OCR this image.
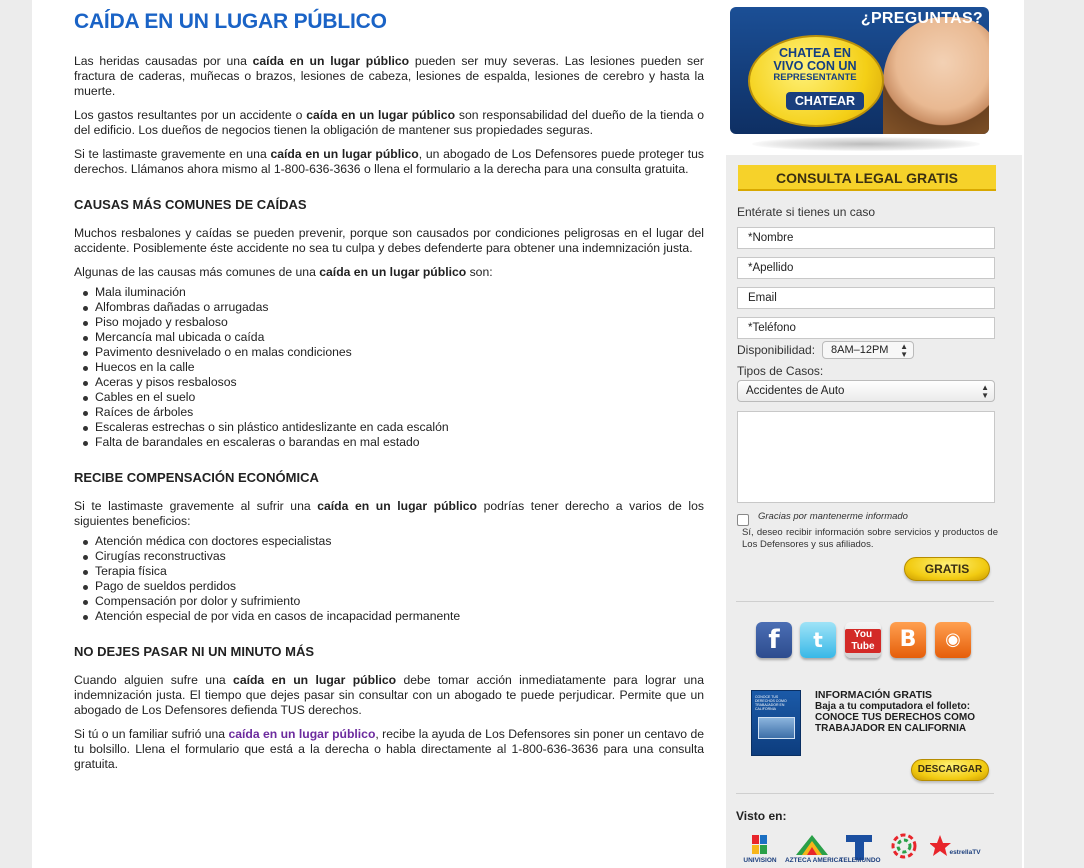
CAÍDA EN UN LUGAR PÚBLICO

Las heridas causadas por una caída en un lugar público pueden ser muy severas. Las lesiones pueden ser fractura de caderas, muñecas o brazos, lesiones de cabeza, lesiones de espalda, lesiones de cerebro y hasta la muerte.

Los gastos resultantes por un accidente o caída en un lugar público son responsabilidad del dueño de la tienda o del edificio. Los dueños de negocios tienen la obligación de mantener sus propiedades seguras.

Si te lastimaste gravemente en una caída en un lugar público, un abogado de Los Defensores puede proteger tus derechos. Llámanos ahora mismo al 1-800-636-3636 o llena el formulario a la derecha para una consulta gratuita.

CAUSAS MÁS COMUNES DE CAÍDAS

Muchos resbalones y caídas se pueden prevenir, porque son causados por condiciones peligrosas en el lugar del accidente. Posiblemente éste accidente no sea tu culpa y debes defenderte para obtener una indemnización justa.

Algunas de las causas más comunes de una caída en un lugar público son:

Mala iluminación
Alfombras dañadas o arrugadas
Piso mojado y resbaloso
Mercancía mal ubicada o caída
Pavimento desnivelado o en malas condiciones
Huecos en la calle
Aceras y pisos resbalosos
Cables en el suelo
Raíces de árboles
Escaleras estrechas o sin plástico antideslizante en cada escalón
Falta de barandales en escaleras o barandas en mal estado
RECIBE COMPENSACIÓN ECONÓMICA

Si te lastimaste gravemente al sufrir una caída en un lugar público podrías tener derecho a varios de los siguientes beneficios:

Atención médica con doctores especialistas
Cirugías reconstructivas
Terapia física
Pago de sueldos perdidos
Compensación por dolor y sufrimiento
Atención especial de por vida en casos de incapacidad permanente
NO DEJES PASAR NI UN MINUTO MÁS

Cuando alguien sufre una caída en un lugar público debe tomar acción inmediatamente para lograr una indemnización justa. El tiempo que dejes pasar sin consultar con un abogado te puede perjudicar. Permite que un abogado de Los Defensores defienda TUS derechos.

Si tú o un familiar sufrió una caída en un lugar público, recibe la ayuda de Los Defensores sin poner un centavo de tu bolsillo. Llena el formulario que está a la derecha o habla directamente al 1-800-636-3636 para una consulta gratuita.

¿PREGUNTAS?
CHATEA EN
VIVO CON UN
REPRESENTANTE
CHATEAR
CONSULTA LEGAL GRATIS
Entérate si tienes un caso
*Nombre
*Apellido
Email
*Teléfono
Disponibilidad:	8AM–12PM ▲
▼
Tipos de Casos:
Accidentes de Auto	▲
▼
Gracias por mantenerme informado
Sí, deseo recibir información sobre servicios y productos de Los Defensores y sus afiliados.
GRATIS
f	t	You Tube	B	◉
CONOCE TUS DERECHOS COMO TRABAJADOR EN CALIFORNIA
INFORMACIÓN GRATIS
Baja a tu computadora el folleto:
CONOCE TUS DERECHOS COMO TRABAJADOR EN CALIFORNIA
DESCARGAR
Visto en:
UNIVISION	AZTECA AMERICA
TELEMUNDO
estrellaTV
